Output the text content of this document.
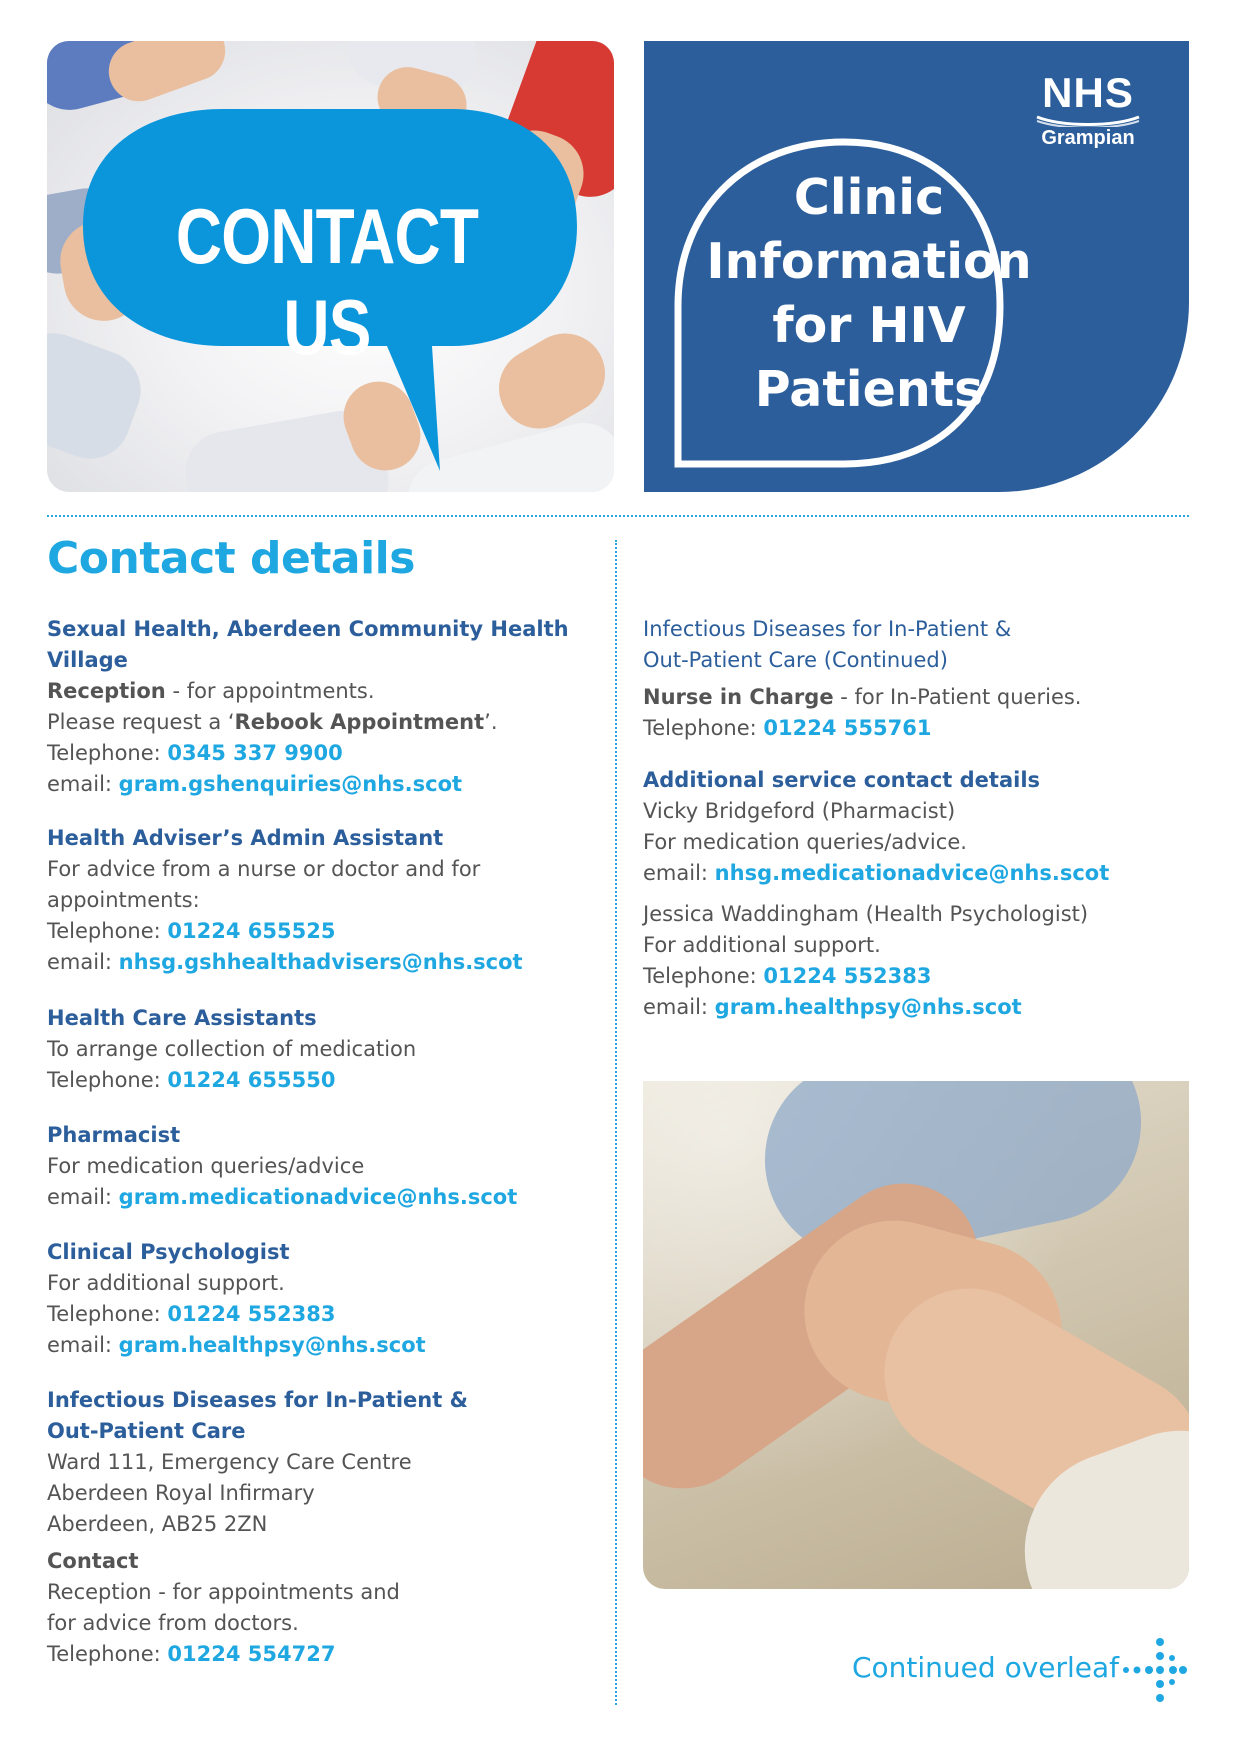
CONTACT US
NHS
Grampian
Clinic
Information
for HIV
Patients
Contact details
Sexual Health, Aberdeen Community Health
Village
Reception - for appointments.
Please request a ‘Rebook Appointment’.
Telephone: 0345 337 9900
email: gram.gshenquiries@nhs.scot
Health Adviser’s Admin Assistant
For advice from a nurse or doctor and for
appointments:
Telephone: 01224 655525
email: nhsg.gshhealthadvisers@nhs.scot
Health Care Assistants
To arrange collection of medication
Telephone: 01224 655550
Pharmacist
For medication queries/advice
email: gram.medicationadvice@nhs.scot
Clinical Psychologist
For additional support.
Telephone: 01224 552383
email: gram.healthpsy@nhs.scot
Infectious Diseases for In-Patient &
Out-Patient Care
Ward 111, Emergency Care Centre
Aberdeen Royal Infirmary
Aberdeen, AB25 2ZN
Contact
Reception - for appointments and
for advice from doctors.
Telephone: 01224 554727
Infectious Diseases for In-Patient &
Out-Patient Care (Continued)
Nurse in Charge - for In-Patient queries.
Telephone: 01224 555761
Additional service contact details
Vicky Bridgeford (Pharmacist)
For medication queries/advice.
email: nhsg.medicationadvice@nhs.scot
Jessica Waddingham (Health Psychologist)
For additional support.
Telephone: 01224 552383
email: gram.healthpsy@nhs.scot
Continued overleaf
